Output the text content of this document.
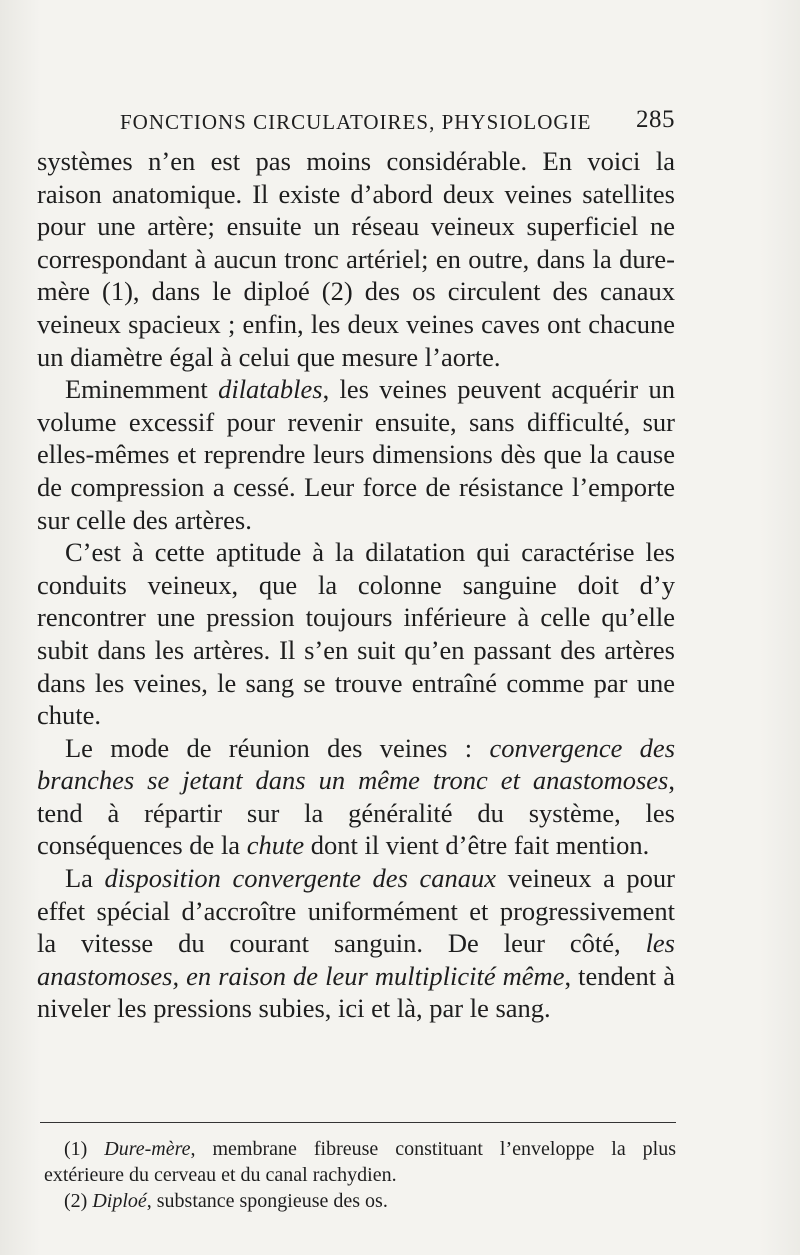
FONCTIONS CIRCULATOIRES, PHYSIOLOGIE 285

systèmes n’en est pas moins considérable. En voici la raison anatomique. Il existe d’abord deux veines satellites pour une artère; ensuite un réseau veineux superficiel ne correspondant à aucun tronc artériel; en outre, dans la dure-mère (1), dans le diploé (2) des os circulent des canaux veineux spacieux ; enfin, les deux veines caves ont chacune un diamètre égal à celui que mesure l’aorte.

Eminemment dilatables, les veines peuvent acquérir un volume excessif pour revenir ensuite, sans difficulté, sur elles-mêmes et reprendre leurs dimensions dès que la cause de compression a cessé. Leur force de résistance l’emporte sur celle des artères.

C’est à cette aptitude à la dilatation qui caractérise les conduits veineux, que la colonne sanguine doit d’y rencontrer une pression toujours inférieure à celle qu’elle subit dans les artères. Il s’en suit qu’en passant des artères dans les veines, le sang se trouve entraîné comme par une chute.

Le mode de réunion des veines : convergence des branches se jetant dans un même tronc et anastomoses, tend à répartir sur la généralité du système, les conséquences de la chute dont il vient d’être fait mention.

La disposition convergente des canaux veineux a pour effet spécial d’accroître uniformément et progressivement la vitesse du courant sanguin. De leur côté, les anastomoses, en raison de leur multiplicité même, tendent à niveler les pressions subies, ici et là, par le sang.

(1) Dure-mère, membrane fibreuse constituant l’enveloppe la plus extérieure du cerveau et du canal rachydien.

(2) Diploé, substance spongieuse des os.
